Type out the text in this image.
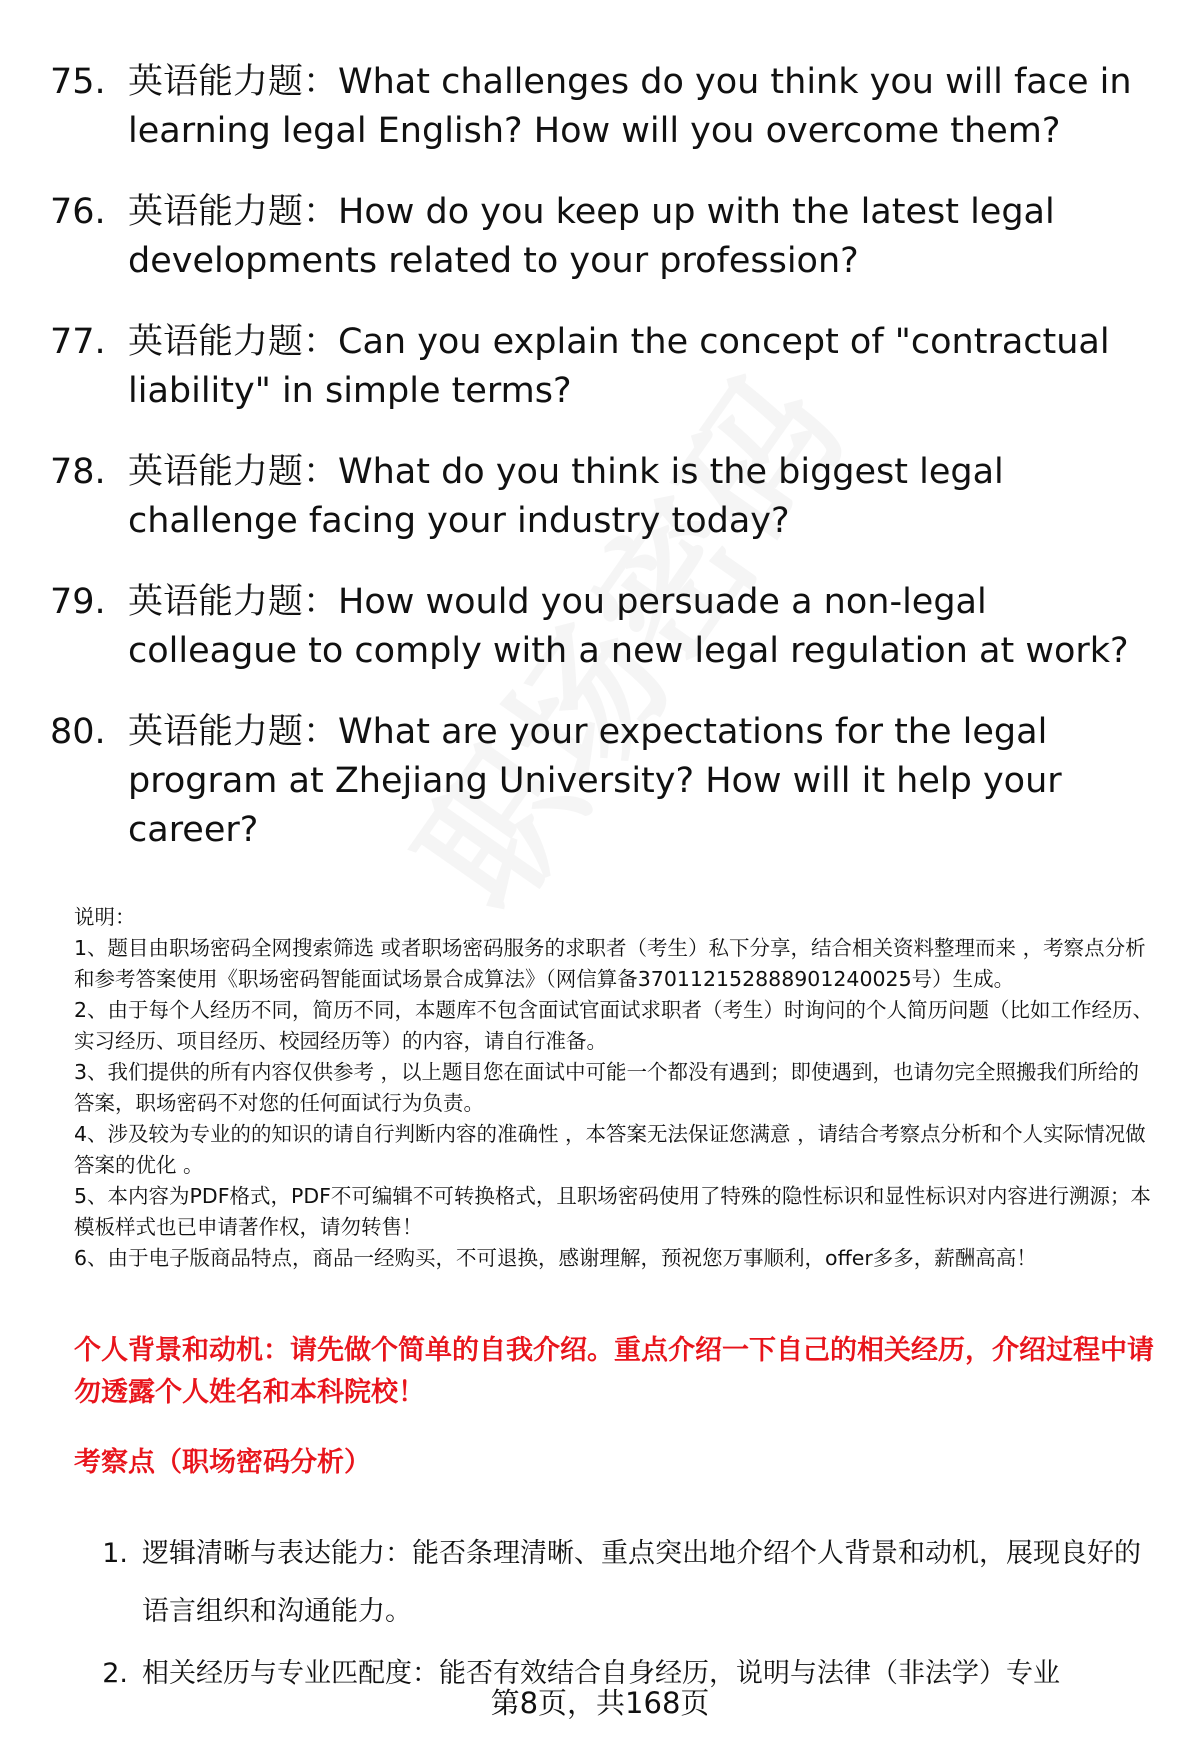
75. 英语能力题：What challenges do you think you will face in learning legal English? How will you overcome them?
76. 英语能力题：How do you keep up with the latest legal developments related to your profession?
77. 英语能力题：Can you explain the concept of "contractual liability" in simple terms?
78. 英语能力题：What do you think is the biggest legal challenge facing your industry today?
79. 英语能力题：How would you persuade a non-legal colleague to comply with a new legal regulation at work?
80. 英语能力题：What are your expectations for the legal program at Zhejiang University? How will it help your career?

说明：

1、题目由职场密码全网搜索筛选 或者职场密码服务的求职者（考生）私下分享，结合相关资料整理而来 ，考察点分析和参考答案使用《职场密码智能面试场景合成算法》（网信算备370112152888901240025号）生成。

2、由于每个人经历不同，简历不同，本题库不包含面试官面试求职者（考生）时询问的个人简历问题（比如工作经历、实习经历、项目经历、校园经历等）的内容，请自行准备。

3、我们提供的所有内容仅供参考 ，以上题目您在面试中可能一个都没有遇到；即使遇到，也请勿完全照搬我们所给的答案，职场密码不对您的任何面试行为负责。

4、涉及较为专业的的知识的请自行判断内容的准确性 ，本答案无法保证您满意 ，请结合考察点分析和个人实际情况做答案的优化 。

5、本内容为PDF格式，PDF不可编辑不可转换格式，且职场密码使用了特殊的隐性标识和显性标识对内容进行溯源；本模板样式也已申请著作权，请勿转售！

6、由于电子版商品特点，商品一经购买，不可退换，感谢理解，预祝您万事顺利，offer多多，薪酬高高！

个人背景和动机：请先做个简单的自我介绍。重点介绍一下自己的相关经历，介绍过程中请勿透露个人姓名和本科院校！
考察点（职场密码分析）
1. 逻辑清晰与表达能力：能否条理清晰、重点突出地介绍个人背景和动机，展现良好的语言组织和沟通能力。
2. 相关经历与专业匹配度：能否有效结合自身经历，说明与法律（非法学）专业
第8页，共168页
